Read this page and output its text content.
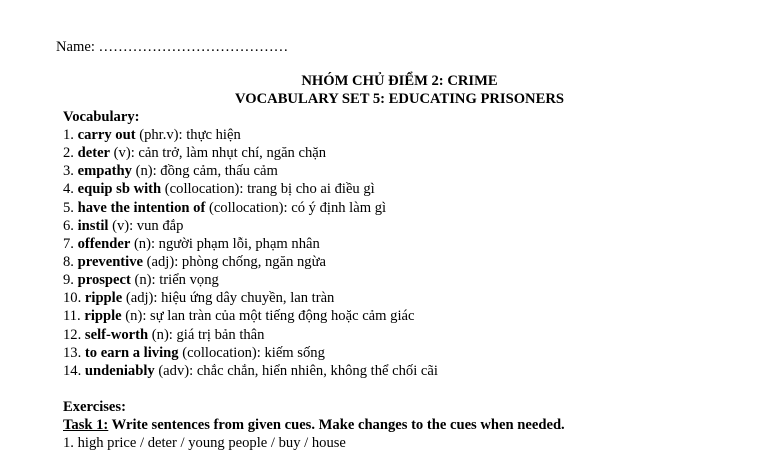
Name: …………………………………
NHÓM CHỦ ĐIỂM 2: CRIME
VOCABULARY SET 5: EDUCATING PRISONERS
Vocabulary:
1. carry out (phr.v): thực hiện
2. deter (v): cản trở, làm nhụt chí, ngăn chặn
3. empathy (n): đồng cảm, thấu cảm
4. equip sb with (collocation): trang bị cho ai điều gì
5. have the intention of (collocation): có ý định làm gì
6. instil (v): vun đắp
7. offender (n): người phạm lỗi, phạm nhân
8. preventive (adj): phòng chống, ngăn ngừa
9. prospect (n): triển vọng
10. ripple (adj): hiệu ứng dây chuyền, lan tràn
11. ripple (n): sự lan tràn của một tiếng động hoặc cảm giác
12. self-worth (n): giá trị bản thân
13. to earn a living (collocation): kiếm sống
14. undeniably (adv): chắc chắn, hiển nhiên, không thể chối cãi
Exercises:
Task 1: Write sentences from given cues. Make changes to the cues when needed.
1. high price / deter / young people / buy / house
